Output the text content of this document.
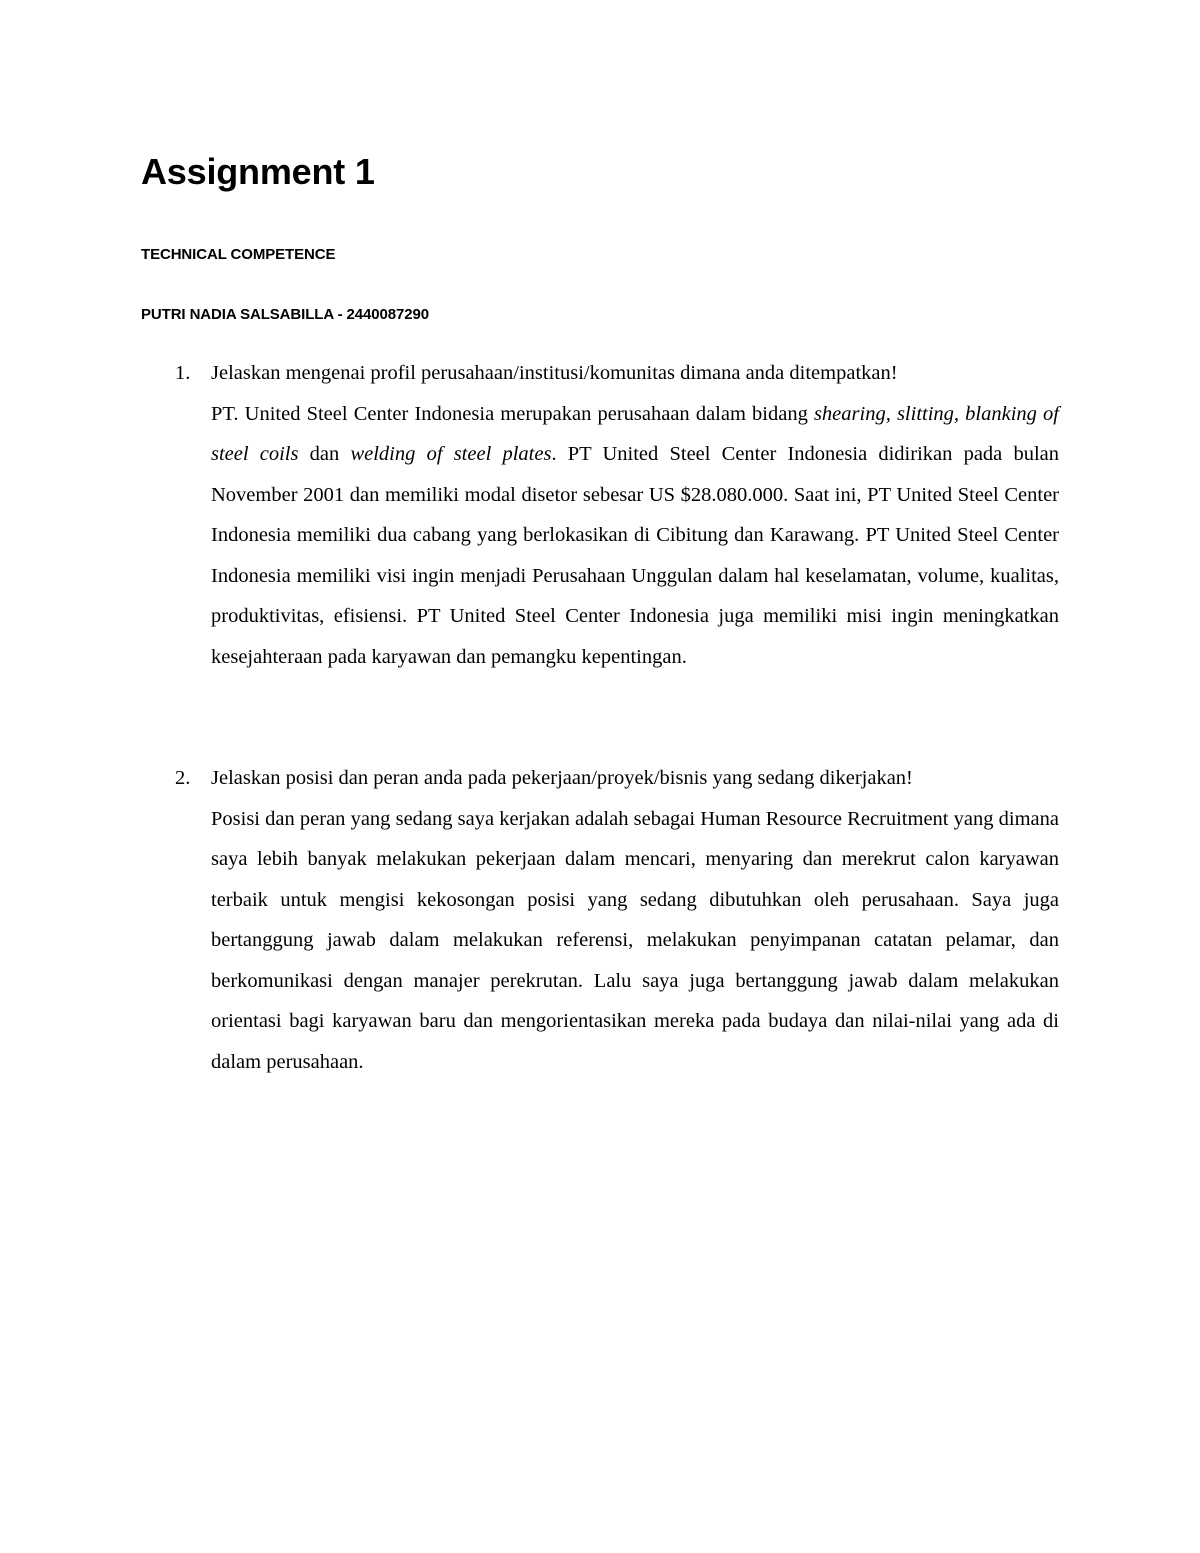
Assignment 1

TECHNICAL COMPETENCE

PUTRI NADIA SALSABILLA - 2440087290

1. Jelaskan mengenai profil perusahaan/institusi/komunitas dimana anda ditempatkan!

PT. United Steel Center Indonesia merupakan perusahaan dalam bidang shearing, slitting, blanking of steel coils dan welding of steel plates. PT United Steel Center Indonesia didirikan pada bulan November 2001 dan memiliki modal disetor sebesar US $28.080.000. Saat ini, PT United Steel Center Indonesia memiliki dua cabang yang berlokasikan di Cibitung dan Karawang. PT United Steel Center Indonesia memiliki visi ingin menjadi Perusahaan Unggulan dalam hal keselamatan, volume, kualitas, produktivitas, efisiensi. PT United Steel Center Indonesia juga memiliki misi ingin meningkatkan kesejahteraan pada karyawan dan pemangku kepentingan.

2. Jelaskan posisi dan peran anda pada pekerjaan/proyek/bisnis yang sedang dikerjakan!

Posisi dan peran yang sedang saya kerjakan adalah sebagai Human Resource Recruitment yang dimana saya lebih banyak melakukan pekerjaan dalam mencari, menyaring dan merekrut calon karyawan terbaik untuk mengisi kekosongan posisi yang sedang dibutuhkan oleh perusahaan. Saya juga bertanggung jawab dalam melakukan referensi, melakukan penyimpanan catatan pelamar, dan berkomunikasi dengan manajer perekrutan. Lalu saya juga bertanggung jawab dalam melakukan orientasi bagi karyawan baru dan mengorientasikan mereka pada budaya dan nilai-nilai yang ada di dalam perusahaan.
